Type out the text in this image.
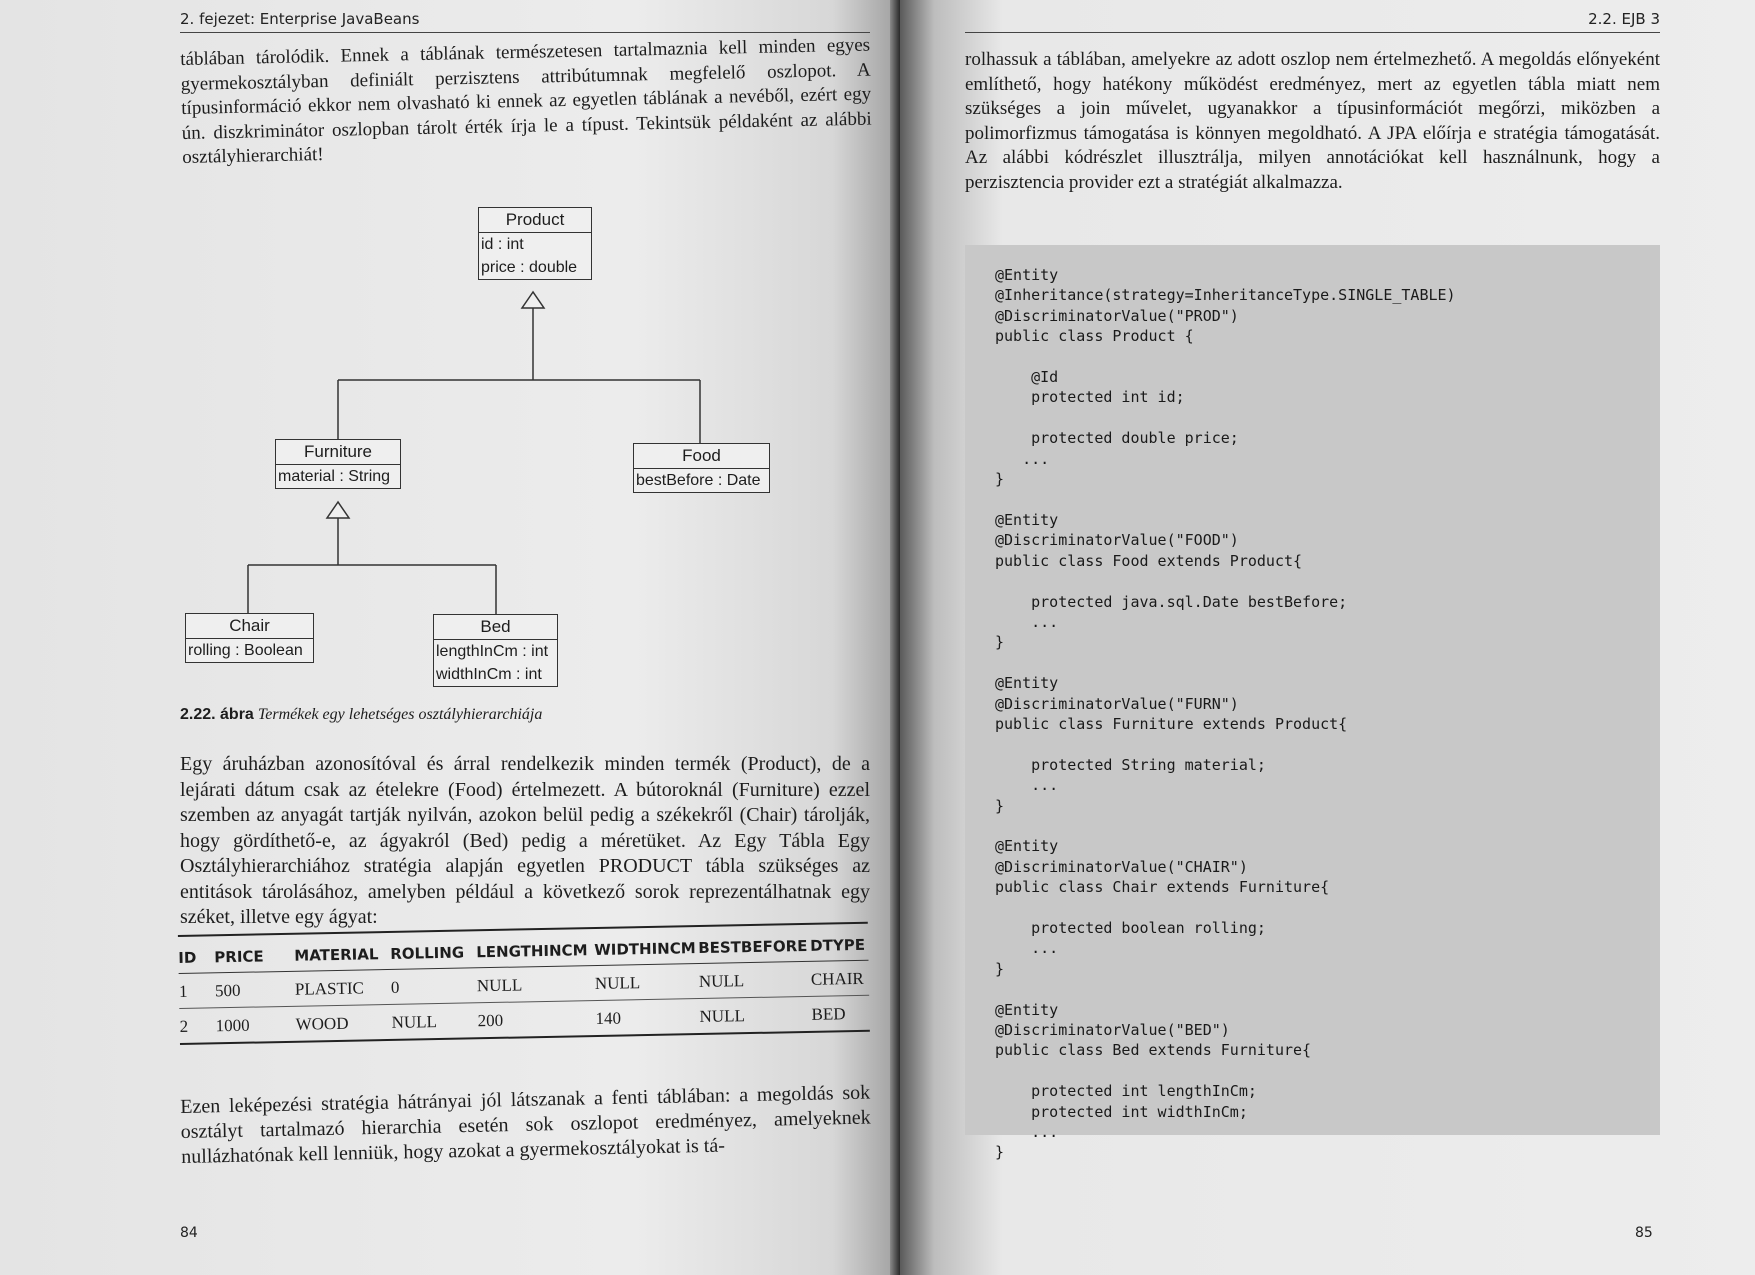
2. fejezet: Enterprise JavaBeans

táblában tárolódik. Ennek a táblának természetesen tartalmaznia kell minden egyes gyermekosztályban definiált perzisztens attribútumnak megfelelő oszlopot. A típusinformáció ekkor nem olvasható ki ennek az egyetlen táblának a nevéből, ezért egy ún. diszkriminátor oszlopban tárolt érték írja le a típust. Tekintsük példaként az alábbi osztályhierarchiát!

Product
id : int
price : double
Furniture
material : String
Food
bestBefore : Date
Chair
rolling : Boolean
Bed
lengthInCm : int
widthInCm : int
2.22. ábra Termékek egy lehetséges osztályhierarchiája

Egy áruházban azonosítóval és árral rendelkezik minden termék (Product), de a lejárati dátum csak az ételekre (Food) értelmezett. A bútoroknál (Furniture) ezzel szemben az anyagát tartják nyilván, azokon belül pedig a székekről (Chair) tárolják, hogy gördíthető-e, az ágyakról (Bed) pedig a méretüket. Az Egy Tábla Egy Osztályhierarchiához stratégia alapján egyetlen PRODUCT tábla szükséges az entitások tárolásához, amelyben például a következő sorok reprezentálhatnak egy széket, illetve egy ágyat:

ID	PRICE	MATERIAL ROLLING LENGTHINCM WIDTHINCM BESTBEFORE DTYPE
1	500	PLASTIC	0	NULL	NULL	NULL	CHAIR
2	1000	WOOD	NULL	200	140	NULL	BED

Ezen leképezési stratégia hátrányai jól látszanak a fenti táblában: a megoldás sok osztályt tartalmazó hierarchia esetén sok oszlopot eredményez, amelyeknek nullázhatónak kell lenniük, hogy azokat a gyermekosztályokat is tá-

84
2.2. EJB 3

rolhassuk a táblában, amelyekre az adott oszlop nem értelmezhető. A megoldás előnyeként említhető, hogy hatékony működést eredményez, mert az egyetlen tábla miatt nem szükséges a join művelet, ugyanakkor a típusinformációt megőrzi, miközben a polimorfizmus támogatása is könnyen megoldható. A JPA előírja e stratégia támogatását. Az alábbi kódrészlet illusztrálja, milyen annotációkat kell használnunk, hogy a perzisztencia provider ezt a stratégiát alkalmazza.

85
@Entity
@Inheritance(strategy=InheritanceType.SINGLE_TABLE)
@DiscriminatorValue("PROD")
public class Product {

@Id
protected int id;

protected double price;
...
}

@Entity
@DiscriminatorValue("FOOD")
public class Food extends Product{

protected java.sql.Date bestBefore;
...
}

@Entity
@DiscriminatorValue("FURN")
public class Furniture extends Product{

protected String material;
...
}

@Entity
@DiscriminatorValue("CHAIR")
public class Chair extends Furniture{

protected boolean rolling;
...
}

@Entity
@DiscriminatorValue("BED")
public class Bed extends Furniture{

protected int lengthInCm;
protected int widthInCm;
...
}
